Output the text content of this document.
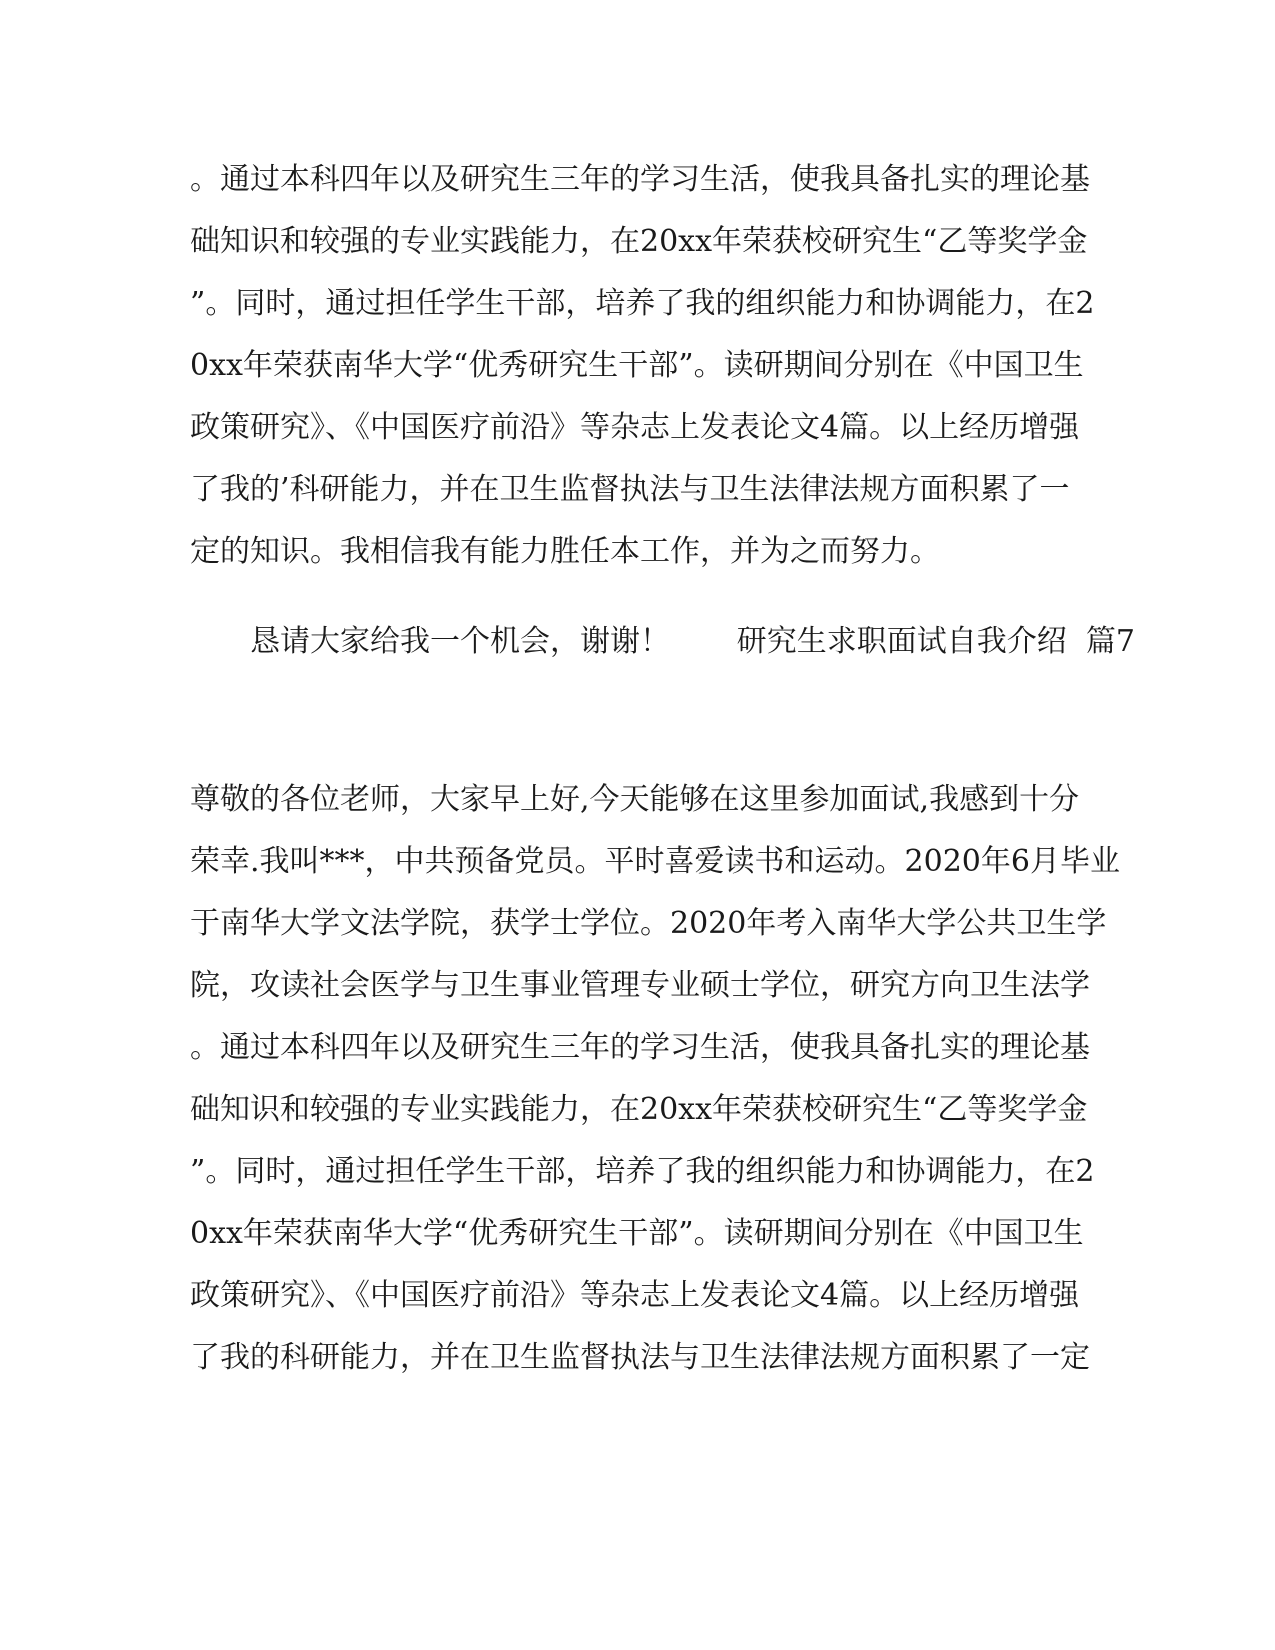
。通过本科四年以及研究生三年的学习生活，使我具备扎实的理论基

础知识和较强的专业实践能力，在20xx年荣获校研究生“乙等奖学金

”。同时，通过担任学生干部，培养了我的组织能力和协调能力，在2

0xx年荣获南华大学“优秀研究生干部”。读研期间分别在《中国卫生

政策研究》、《中国医疗前沿》等杂志上发表论文4篇。以上经历增强

了我的’科研能力，并在卫生监督执法与卫生法律法规方面积累了一

定的知识。我相信我有能力胜任本工作，并为之而努力。

恳请大家给我一个机会，谢谢！       研究生求职面试自我介绍  篇7

尊敬的各位老师，大家早上好,今天能够在这里参加面试,我感到十分

荣幸.我叫***，中共预备党员。平时喜爱读书和运动。2020年6月毕业

于南华大学文法学院，获学士学位。2020年考入南华大学公共卫生学

院，攻读社会医学与卫生事业管理专业硕士学位，研究方向卫生法学

。通过本科四年以及研究生三年的学习生活，使我具备扎实的理论基

础知识和较强的专业实践能力，在20xx年荣获校研究生“乙等奖学金

”。同时，通过担任学生干部，培养了我的组织能力和协调能力，在2

0xx年荣获南华大学“优秀研究生干部”。读研期间分别在《中国卫生

政策研究》、《中国医疗前沿》等杂志上发表论文4篇。以上经历增强

了我的科研能力，并在卫生监督执法与卫生法律法规方面积累了一定
